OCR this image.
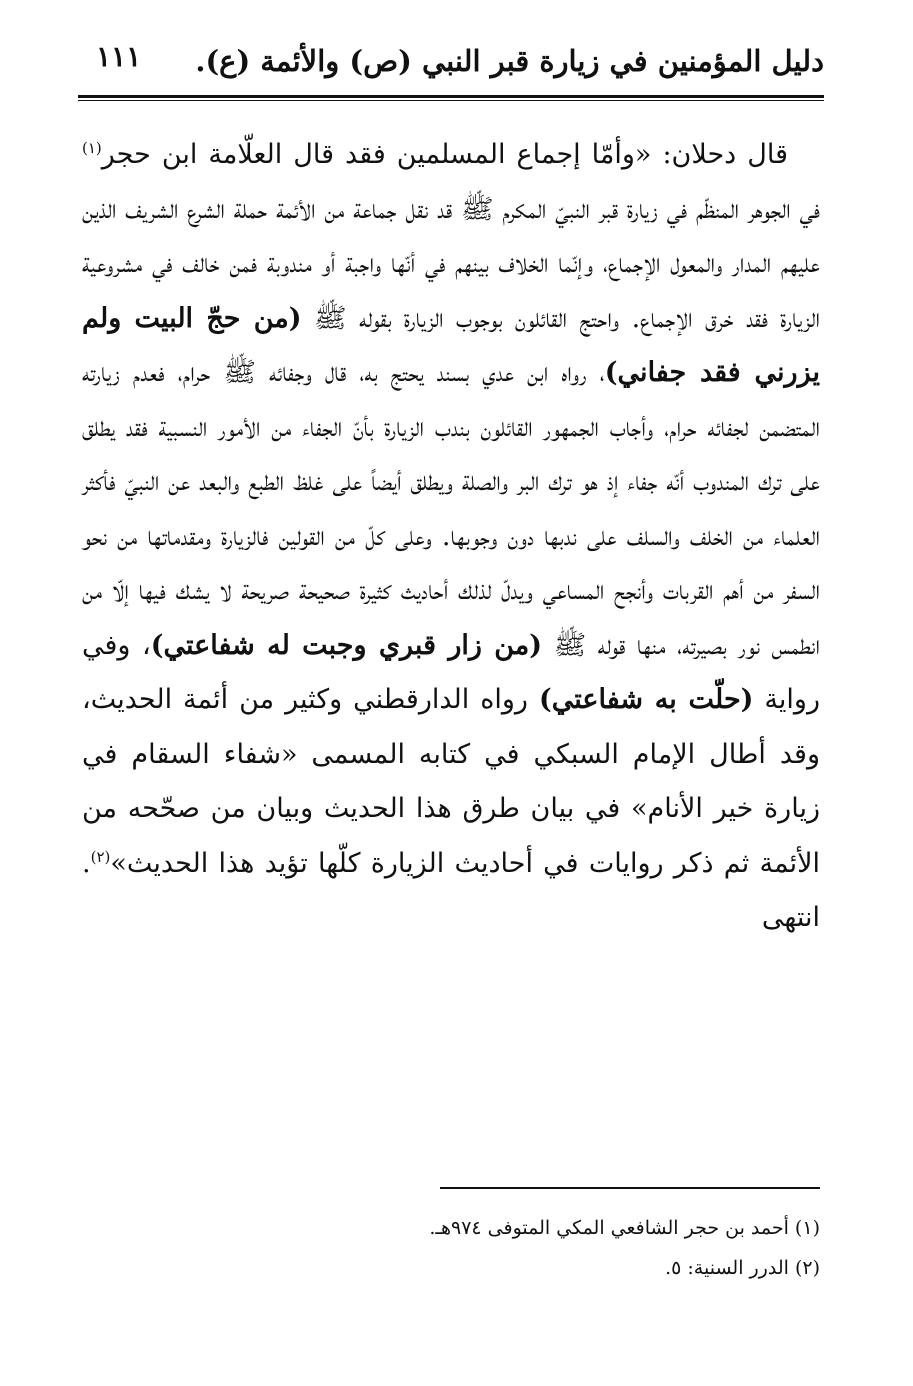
دليل المؤمنين في زيارة قبر النبي (ص) والأئمة (ع).
١١١

قال دحلان: «وأمّا إجماع المسلمين فقد قال العلّامة ابن حجر$^{(١)}$ في الجوهر المنظّم في زيارة قبر النبيّ المكرم ﷺ قد نقل جماعة من الأئمة حملة الشرع الشريف الذين عليهم المدار والمعول الإجماع، وإنّما الخلاف بينهم في أنّها واجبة أو مندوبة فمن خالف في مشروعية الزيارة فقد خرق الإجماع. واحتج القائلون بوجوب الزيارة بقوله ﷺ (من حجّ البيت ولم يزرني فقد جفاني)، رواه ابن عدي بسند يحتج به، قال وجفائه ﷺ حرام، فعدم زيارته المتضمن لجفائه حرام، وأجاب الجمهور القائلون بندب الزيارة بأنّ الجفاء من الأمور النسبية فقد يطلق على ترك المندوب أنّه جفاء إذ هو ترك البر والصلة ويطلق أيضاً على غلظ الطبع والبعد عن النبيّ فأكثر العلماء من الخلف والسلف على ندبها دون وجوبها. وعلى كلّ من القولين فالزيارة ومقدماتها من نحو السفر من أهم القربات وأنجح المساعي ويدلّ لذلك أحاديث كثيرة صحيحة صريحة لا يشك فيها إلّا من انطمس نور بصيرته، منها قوله ﷺ (من زار قبري وجبت له شفاعتي)، وفي رواية (حلّت به شفاعتي) رواه الدارقطني وكثير من أئمة الحديث، وقد أطال الإمام السبكي في كتابه المسمى «شفاء السقام في زيارة خير الأنام» في بيان طرق هذا الحديث وبيان من صحّحه من الأئمة ثم ذكر روايات في أحاديث الزيارة كلّها تؤيد هذا الحديث»$^{(٢)}$. انتهى

(١) أحمد بن حجر الشافعي المكي المتوفى ٩٧٤هـ.
(٢) الدرر السنية: ٥.
